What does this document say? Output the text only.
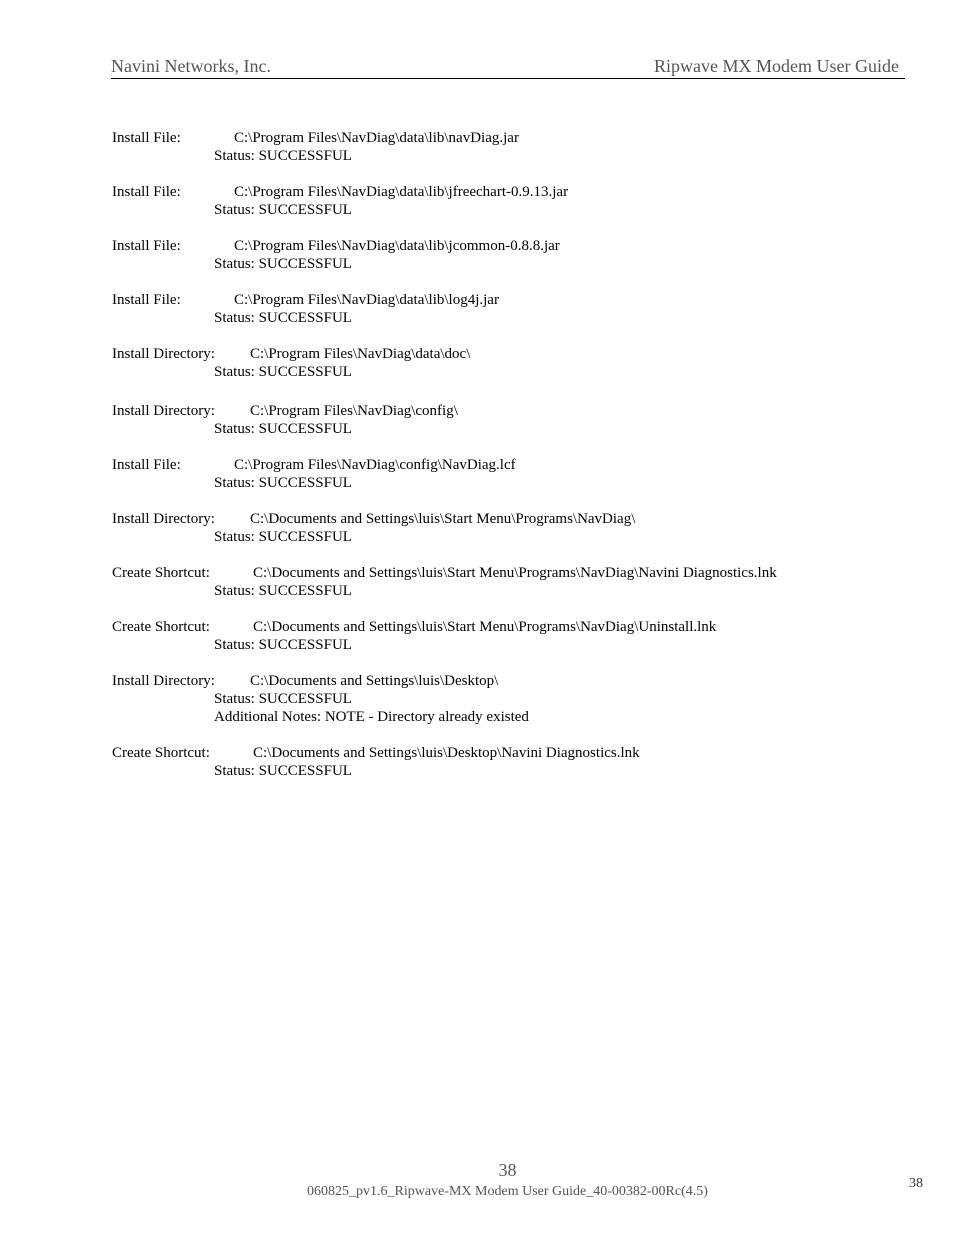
Navini Networks, Inc.	Ripwave MX Modem User Guide
Install File:	C:\Program Files\NavDiag\data\lib\navDiag.jar
Status: SUCCESSFUL
Install File:	C:\Program Files\NavDiag\data\lib\jfreechart-0.9.13.jar
Status: SUCCESSFUL
Install File:	C:\Program Files\NavDiag\data\lib\jcommon-0.8.8.jar
Status: SUCCESSFUL
Install File:	C:\Program Files\NavDiag\data\lib\log4j.jar
Status: SUCCESSFUL
Install Directory: C:\Program Files\NavDiag\data\doc\
Status: SUCCESSFUL
Install Directory: C:\Program Files\NavDiag\config\
Status: SUCCESSFUL
Install File:	C:\Program Files\NavDiag\config\NavDiag.lcf
Status: SUCCESSFUL
Install Directory: C:\Documents and Settings\luis\Start Menu\Programs\NavDiag\
Status: SUCCESSFUL
Create Shortcut:	C:\Documents and Settings\luis\Start Menu\Programs\NavDiag\Navini Diagnostics.lnk
Status: SUCCESSFUL
Create Shortcut:	C:\Documents and Settings\luis\Start Menu\Programs\NavDiag\Uninstall.lnk
Status: SUCCESSFUL
Install Directory: C:\Documents and Settings\luis\Desktop\
Status: SUCCESSFUL
Additional Notes: NOTE - Directory already existed
Create Shortcut:	C:\Documents and Settings\luis\Desktop\Navini Diagnostics.lnk
Status: SUCCESSFUL
38
060825_pv1.6_Ripwave-MX Modem User Guide_40-00382-00Rc(4.5)
38
